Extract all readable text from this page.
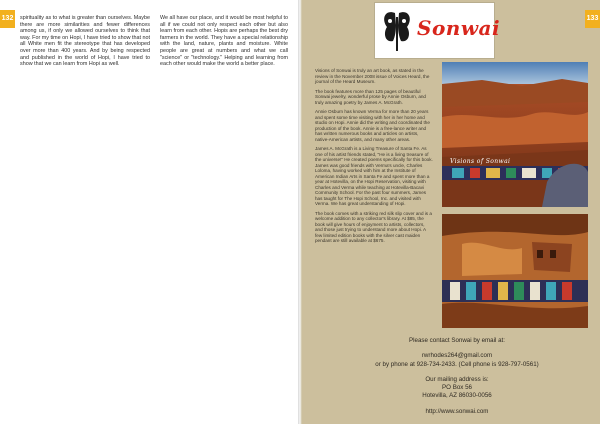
spirituality as to what is greater than ourselves. Maybe there are more similarities and fewer differences among us, if only we allowed ourselves to think that way. For my time on Hopi, I have tried to show that not all White men fit the stereotype that has developed over more than 400 years. And by being respected and published in the world of Hopi, I have tried to show that we can learn from Hopi as well.
We all have our place, and it would be most helpful to all if we could not only respect each other but also learn from each other. Hopis are perhaps the best dry farmers in the world. They have a special relationship with the land, nature, plants and moisture. White people are great at numbers and what we call "science" or "technology." Helping and learning from each other would make the world a better place.
132	133
Sonwai

Visions of Sonwai is truly an art book, as stated in the review in the November 2008 issue of Voices Heard, the journal of the Heard Museum.

The book features more than 125 pages of beautiful Sonwai jewelry, wonderful prose by Annie Osburn, and truly amazing poetry by James A. McGrath.

Annie Osburn has known Verma for more than 20 years and spent some time visiting with her in her home and studio on Hopi. Annie did the writing and coordinated the production of the book. Annie is a free-lance writer and has written numerous books and articles on artists, native-American artists, and many other areas.

James A. McGrath is a Living Treasure of Santa Fe. As one of his artist friends stated, "He is a living treasure of the universe!" He created poems specifically for this book. James was good friends with Verma's uncle, Charles Loloma, having worked with him at the Institute of American Indian Arts in Santa Fe and spent more than a year at Hotevilla, on the Hopi Reservation, visiting with Charles and Verma while teaching at Hotevilla-Bacavi Community School. For the past four summers, James has taught for The Hopi School, Inc. and visited with Verma. We has great understanding of Hopi.

The book comes with a striking red silk slip cover and is a welcome addition to any collector's library. At $85, the book will give hours of enjoyment to artists, collectors, and those just trying to understand more about Hopi. A few limited edition books with the silver cast maiden pendant are still available at $675.

Visions of Sonwai
Please contact Sonwai by email at:
rwrhodes264@gmail.com
or by phone at 928-734-2433. (Cell phone is 928-797-0561)
Our mailing address is:
PO Box 56
Hotevilla, AZ 86030-0056
http://www.sonwai.com
